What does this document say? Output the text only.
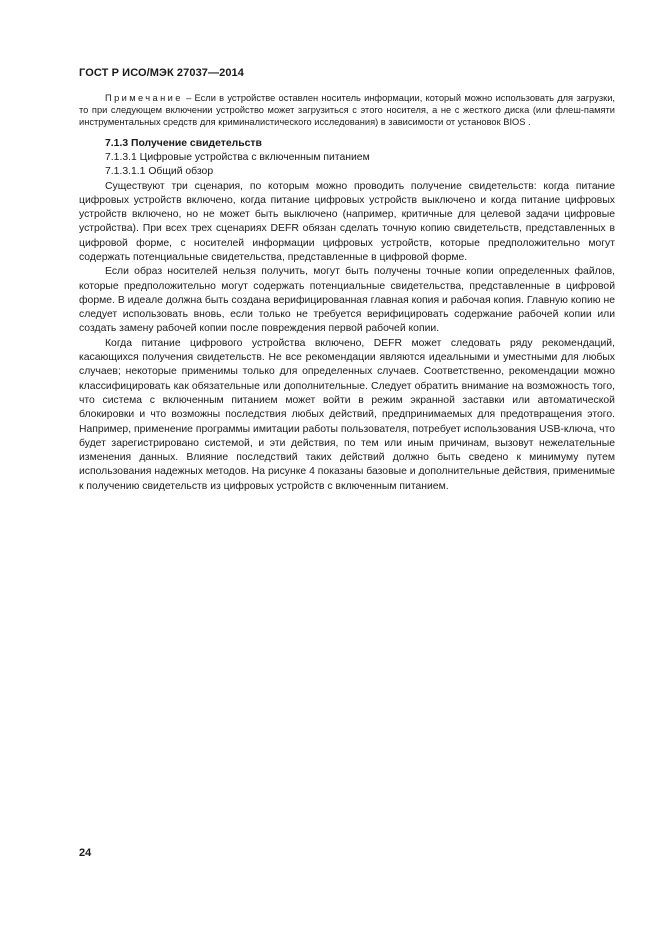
ГОСТ Р ИСО/МЭК 27037—2014

Примечание – Если в устройстве оставлен носитель информации, который можно использовать для загрузки, то при следующем включении устройство может загрузиться с этого носителя, а не с жесткого диска (или флеш-памяти инструментальных средств для криминалистического исследования) в зависимости от установок BIOS .

7.1.3 Получение свидетельств

7.1.3.1 Цифровые устройства с включенным питанием

7.1.3.1.1 Общий обзор

Существуют три сценария, по которым можно проводить получение свидетельств: когда питание цифровых устройств включено, когда питание цифровых устройств выключено и когда питание цифровых устройств включено, но не может быть выключено (например, критичные для целевой задачи цифровые устройства). При всех трех сценариях DEFR обязан сделать точную копию свидетельств, представленных в цифровой форме, с носителей информации цифровых устройств, которые предположительно могут содержать потенциальные свидетельства, представленные в цифровой форме.

Если образ носителей нельзя получить, могут быть получены точные копии определенных файлов, которые предположительно могут содержать потенциальные свидетельства, представленные в цифровой форме. В идеале должна быть создана верифицированная главная копия и рабочая копия. Главную копию не следует использовать вновь, если только не требуется верифицировать содержание рабочей копии или создать замену рабочей копии после повреждения первой рабочей копии.

Когда питание цифрового устройства включено, DEFR может следовать ряду рекомендаций, касающихся получения свидетельств. Не все рекомендации являются идеальными и уместными для любых случаев; некоторые применимы только для определенных случаев. Соответственно, рекомендации можно классифицировать как обязательные или дополнительные. Следует обратить внимание на возможность того, что система с включенным питанием может войти в режим экранной заставки или автоматической блокировки и что возможны последствия любых действий, предпринимаемых для предотвращения этого. Например, применение программы имитации работы пользователя, потребует использования USB-ключа, что будет зарегистрировано системой, и эти действия, по тем или иным причинам, вызовут нежелательные изменения данных. Влияние последствий таких действий должно быть сведено к минимуму путем использования надежных методов. На рисунке 4 показаны базовые и дополнительные действия, применимые к получению свидетельств из цифровых устройств с включенным питанием.

24
